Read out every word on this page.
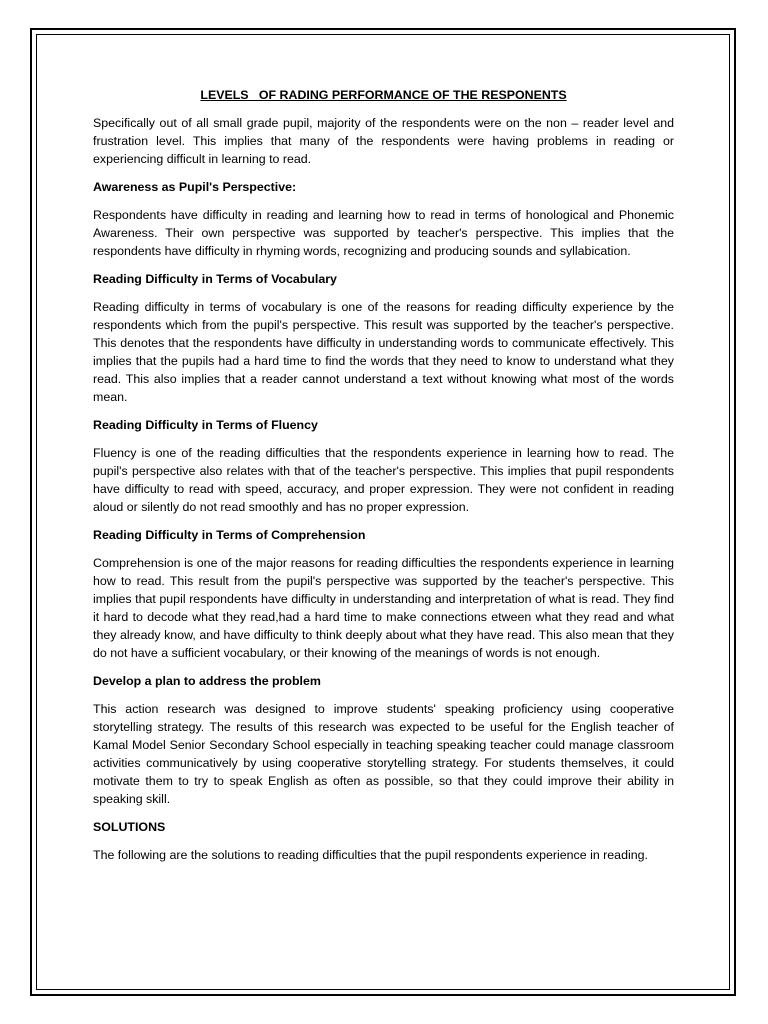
LEVELS   OF RADING PERFORMANCE OF THE RESPONENTS

Specifically out of all small grade pupil, majority of the respondents were on the non – reader level and frustration level. This implies that many of the respondents were having problems in reading or experiencing difficult in learning to read.

Awareness as Pupil's Perspective:

Respondents have difficulty in reading and learning how to read in terms of honological and Phonemic Awareness. Their own perspective was supported by teacher's perspective. This implies that the respondents have difficulty in rhyming words, recognizing and producing sounds and syllabication.

Reading Difficulty in Terms of Vocabulary

Reading difficulty in terms of vocabulary is one of the reasons for reading difficulty experience by the respondents which from the pupil's perspective. This result was supported by the teacher's perspective. This denotes that the respondents have difficulty in understanding words to communicate effectively. This implies that the pupils had a hard time to find the words that they need to know to understand what they read. This also implies that a reader cannot understand a text without knowing what most of the words mean.

Reading Difficulty in Terms of Fluency

Fluency is one of the reading difficulties that the respondents experience in learning how to read. The pupil's perspective also relates with that of the teacher's perspective. This implies that pupil respondents have difficulty to read with speed, accuracy, and proper expression. They were not confident in reading aloud or silently do not read smoothly and has no proper expression.

Reading Difficulty in Terms of Comprehension

Comprehension is one of the major reasons for reading difficulties the respondents experience in learning how to read. This result from the pupil's perspective was supported by the teacher's perspective. This implies that pupil respondents have difficulty in understanding and interpretation of what is read. They find it hard to decode what they read,had a hard time to make connections etween what they read and what they already know, and have difficulty to think deeply about what they have read. This also mean that they do not have a sufficient vocabulary, or their knowing of the meanings of words is not enough.

Develop a plan to address the problem

This action research was designed to improve students' speaking proficiency using cooperative storytelling strategy. The results of this research was expected to be useful for the English teacher of Kamal Model Senior Secondary School especially in teaching speaking teacher could manage classroom activities communicatively by using cooperative storytelling strategy. For students themselves, it could motivate them to try to speak English as often as possible, so that they could improve their ability in speaking skill.

SOLUTIONS

The following are the solutions to reading difficulties that the pupil respondents experience in reading.
